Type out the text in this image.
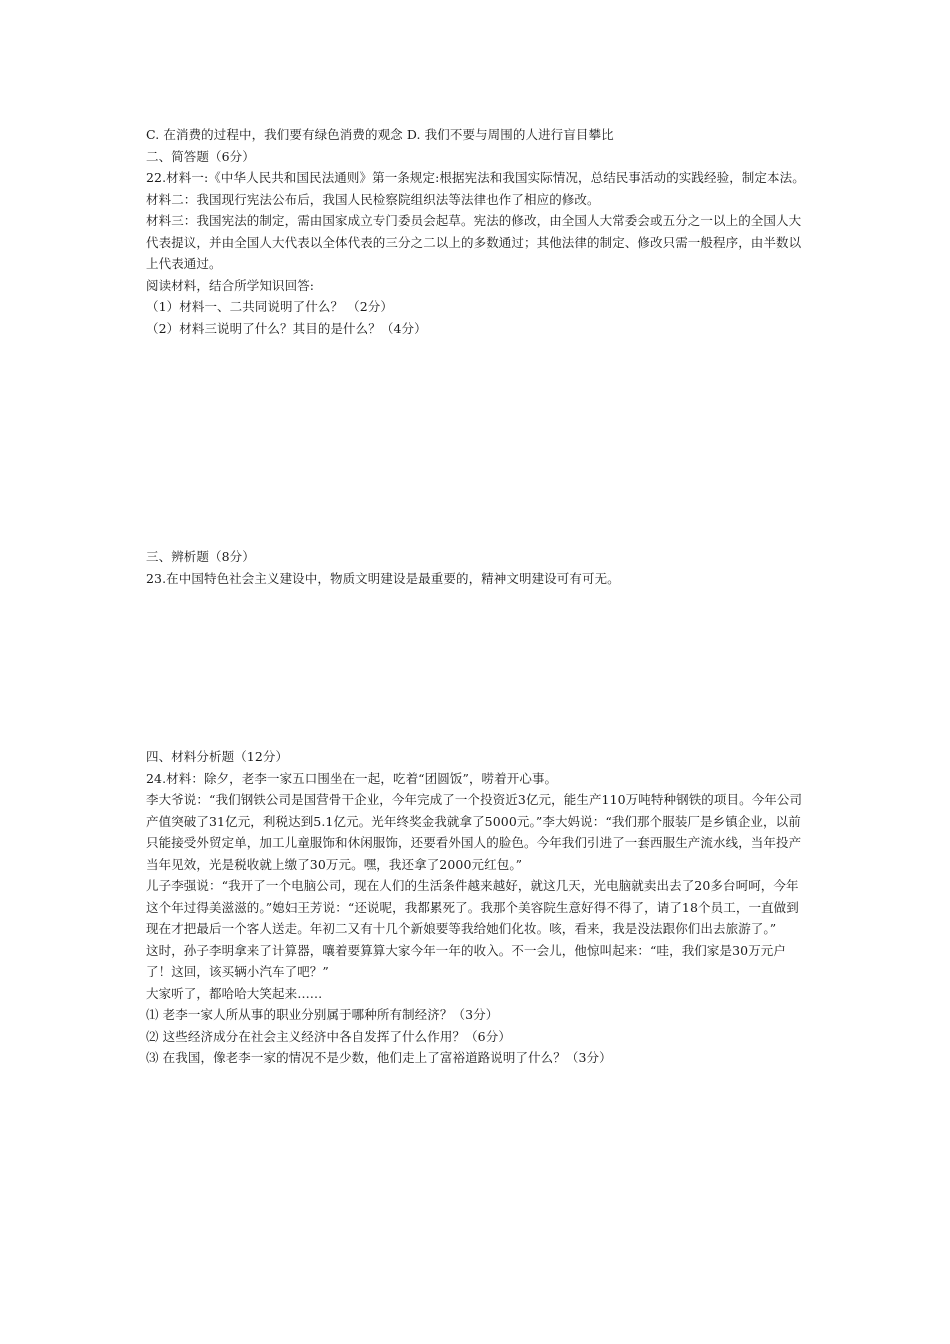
C. 在消费的过程中，我们要有绿色消费的观念 D. 我们不要与周围的人进行盲目攀比

二、简答题（6分）

22.材料一:《中华人民共和国民法通则》第一条规定:根据宪法和我国实际情况，总结民事活动的实践经验，制定本法。

材料二：我国现行宪法公布后，我国人民检察院组织法等法律也作了相应的修改。

材料三：我国宪法的制定，需由国家成立专门委员会起草。宪法的修改，由全国人大常委会或五分之一以上的全国人大代表提议，并由全国人大代表以全体代表的三分之二以上的多数通过；其他法律的制定、修改只需一般程序，由半数以上代表通过。

阅读材料，结合所学知识回答:

（1）材料一、二共同说明了什么？ （2分）

（2）材料三说明了什么？其目的是什么？（4分）

三、辨析题（8分）

23.在中国特色社会主义建设中，物质文明建设是最重要的，精神文明建设可有可无。

四、材料分析题（12分）

24.材料：除夕，老李一家五口围坐在一起，吃着“团圆饭”，唠着开心事。

李大爷说：“我们钢铁公司是国营骨干企业，今年完成了一个投资近3亿元，能生产110万吨特种钢铁的项目。今年公司产值突破了31亿元，利税达到5.1亿元。光年终奖金我就拿了5000元。”李大妈说：“我们那个服装厂是乡镇企业，以前只能接受外贸定单，加工儿童服饰和休闲服饰，还要看外国人的脸色。今年我们引进了一套西服生产流水线，当年投产当年见效，光是税收就上缴了30万元。嘿，我还拿了2000元红包。”

儿子李强说：“我开了一个电脑公司，现在人们的生活条件越来越好，就这几天，光电脑就卖出去了20多台呵呵，今年这个年过得美滋滋的。”媳妇王芳说：“还说呢，我都累死了。我那个美容院生意好得不得了，请了18个员工，一直做到现在才把最后一个客人送走。年初二又有十几个新娘要等我给她们化妆。咳，看来，我是没法跟你们出去旅游了。”

这时，孙子李明拿来了计算器，嚷着要算算大家今年一年的收入。不一会儿，他惊叫起来：“哇，我们家是30万元户了！这回，该买辆小汽车了吧？”

大家听了，都哈哈大笑起来……

⑴ 老李一家人所从事的职业分别属于哪种所有制经济？（3分）

⑵ 这些经济成分在社会主义经济中各自发挥了什么作用？（6分）

⑶ 在我国，像老李一家的情况不是少数，他们走上了富裕道路说明了什么？（3分）
